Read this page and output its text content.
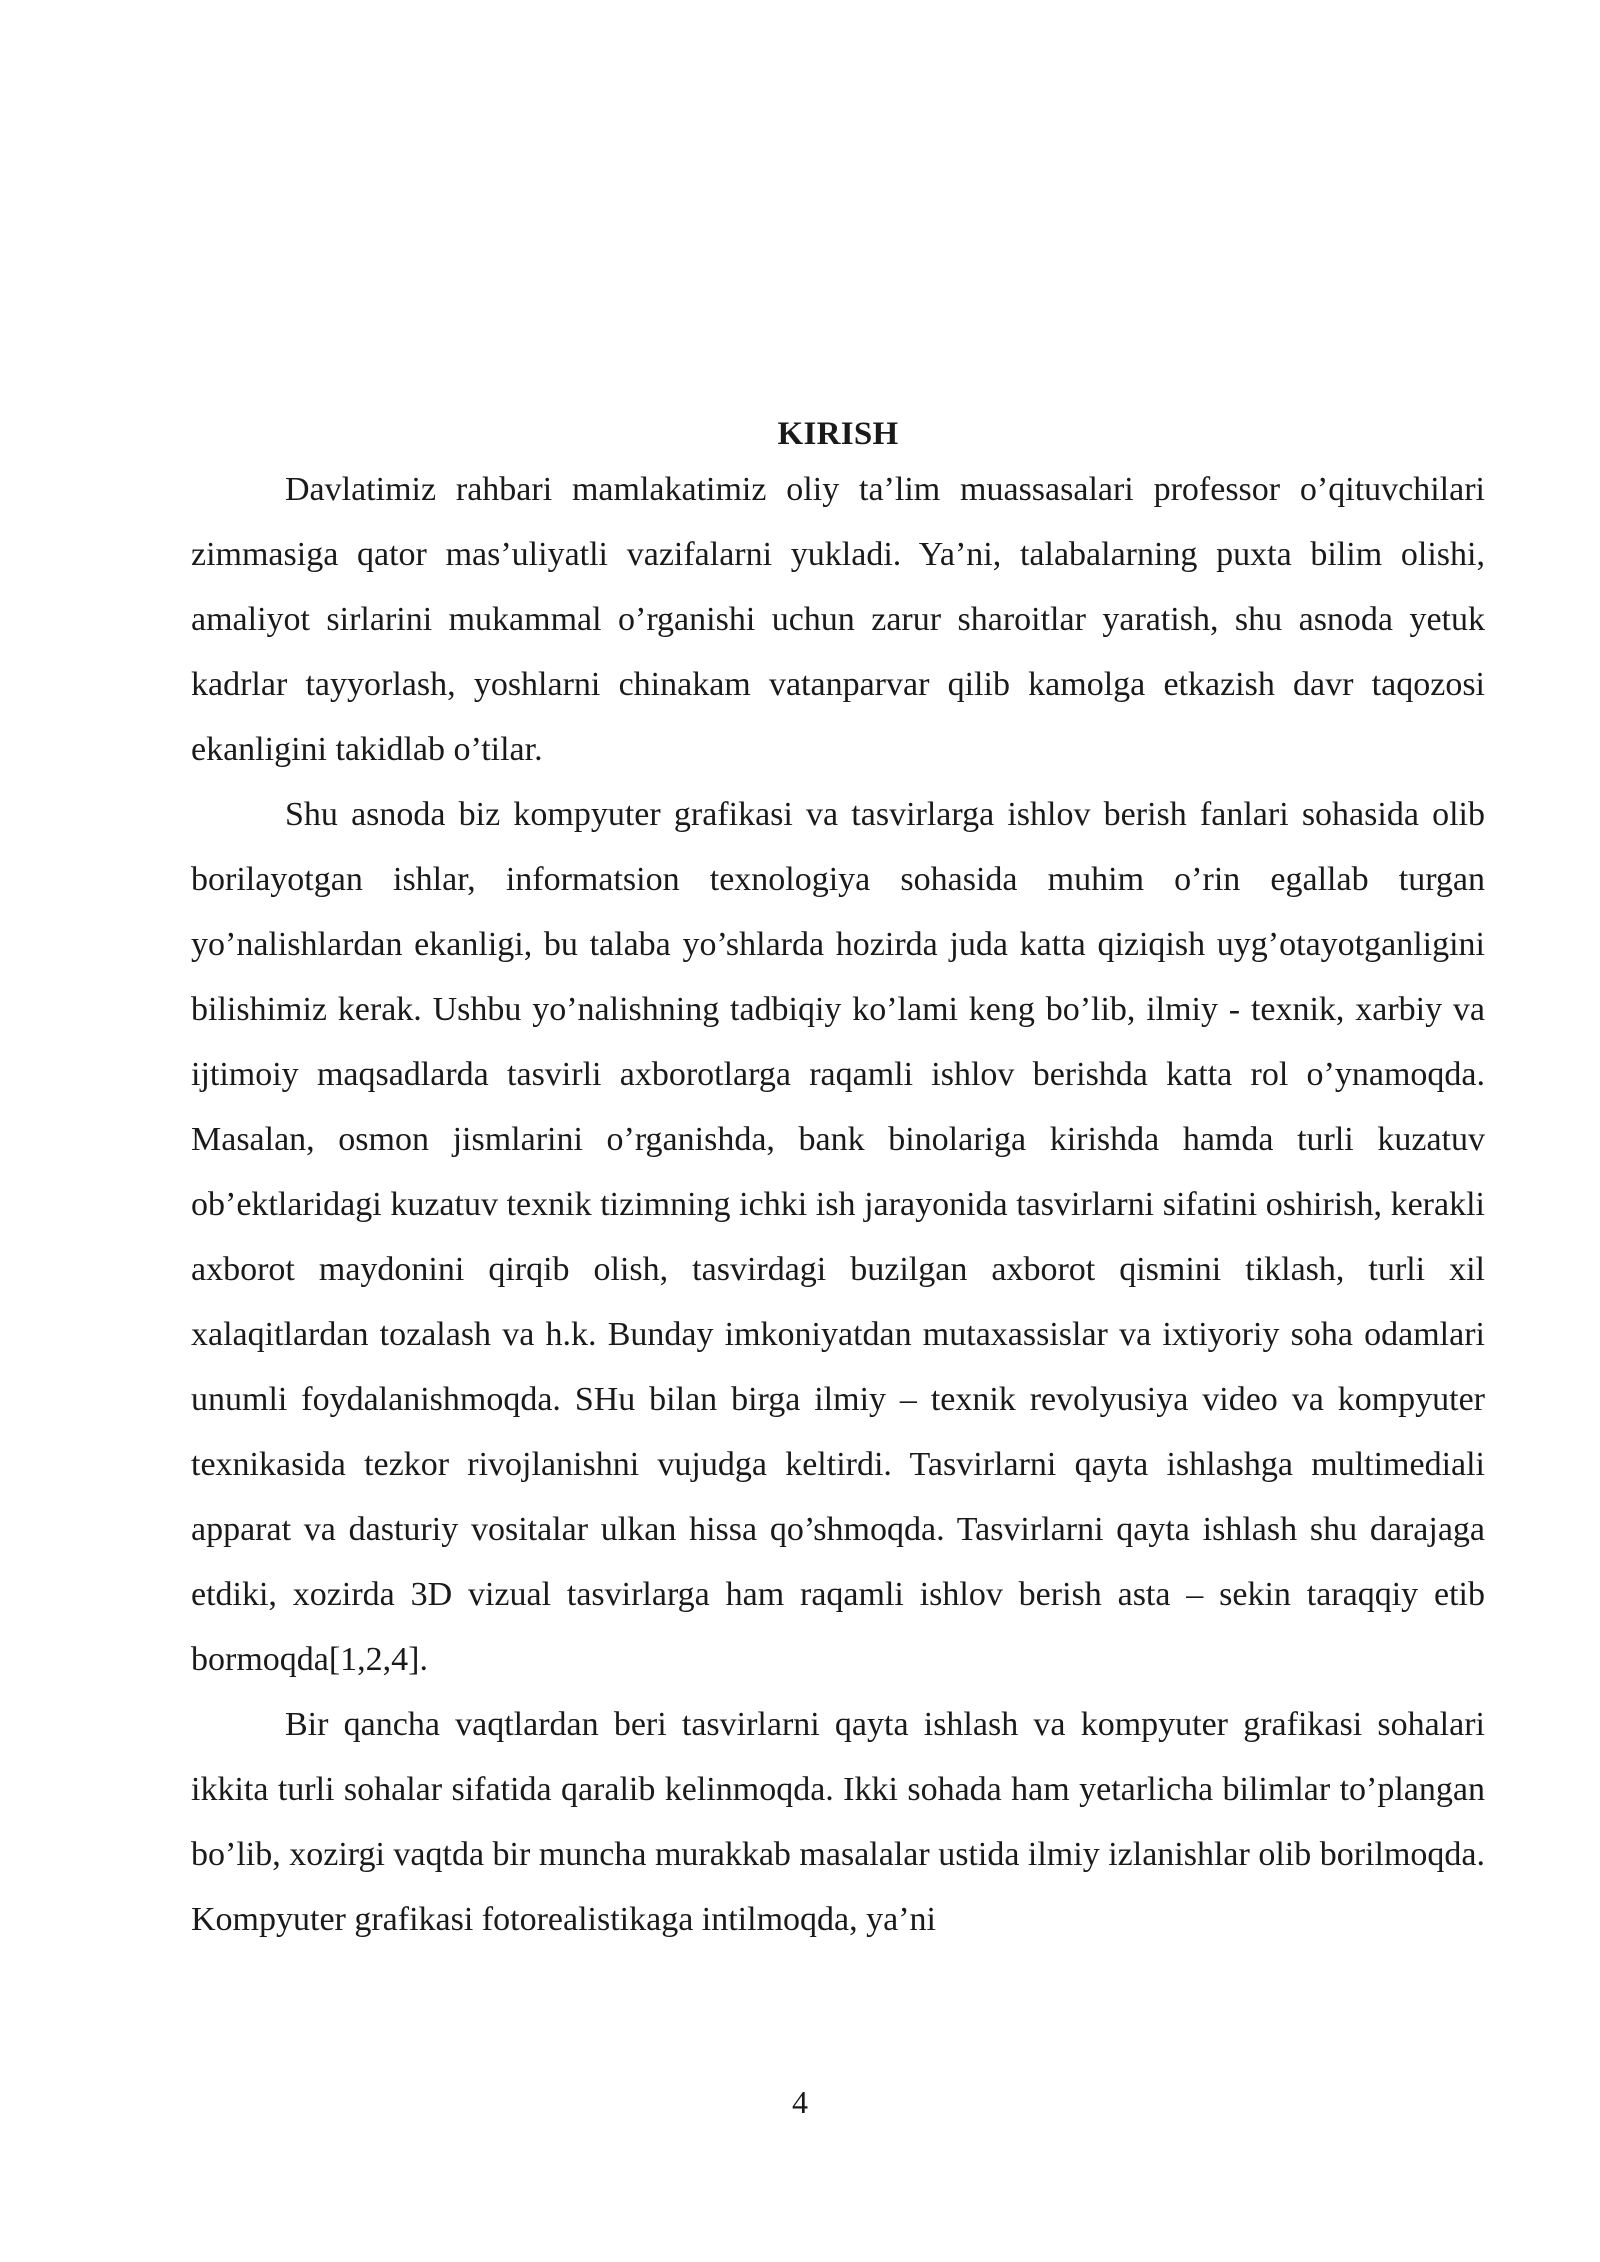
KIRISH

Davlatimiz rahbari mamlakatimiz oliy ta’lim muassasalari professor o’qituvchilari zimmasiga qator mas’uliyatli vazifalarni yukladi. Ya’ni, talabalarning puxta bilim olishi, amaliyot sirlarini mukammal o’rganishi uchun zarur sharoitlar yaratish, shu asnoda yetuk kadrlar tayyorlash, yoshlarni chinakam vatanparvar qilib kamolga etkazish davr taqozosi ekanligini takidlab o’tilar.

Shu asnoda biz kompyuter grafikasi va tasvirlarga ishlov berish fanlari sohasida olib borilayotgan ishlar, informatsion texnologiya sohasida muhim o’rin egallab turgan yo’nalishlardan ekanligi, bu talaba yo’shlarda hozirda juda katta qiziqish uyg’otayotganligini bilishimiz kerak. Ushbu yo’nalishning tadbiqiy ko’lami keng bo’lib, ilmiy - texnik, xarbiy va ijtimoiy maqsadlarda tasvirli axborotlarga raqamli ishlov berishda katta rol o’ynamoqda. Masalan, osmon jismlarini o’rganishda, bank binolariga kirishda hamda turli kuzatuv ob’ektlaridagi kuzatuv texnik tizimning ichki ish jarayonida tasvirlarni sifatini oshirish, kerakli axborot maydonini qirqib olish, tasvirdagi buzilgan axborot qismini tiklash, turli xil xalaqitlardan tozalash va h.k. Bunday imkoniyatdan mutaxassislar va ixtiyoriy soha odamlari unumli foydalanishmoqda. SHu bilan birga ilmiy – texnik revolyusiya video va kompyuter texnikasida tezkor rivojlanishni vujudga keltirdi. Tasvirlarni qayta ishlashga multimediali apparat va dasturiy vositalar ulkan hissa qo’shmoqda. Tasvirlarni qayta ishlash shu darajaga etdiki, xozirda 3D vizual tasvirlarga ham raqamli ishlov berish asta – sekin taraqqiy etib bormoqda[1,2,4].

Bir qancha vaqtlardan beri tasvirlarni qayta ishlash va kompyuter grafikasi sohalari ikkita turli sohalar sifatida qaralib kelinmoqda. Ikki sohada ham yetarlicha bilimlar to’plangan bo’lib, xozirgi vaqtda bir muncha murakkab masalalar ustida ilmiy izlanishlar olib borilmoqda. Kompyuter grafikasi fotorealistikaga intilmoqda, ya’ni

4
